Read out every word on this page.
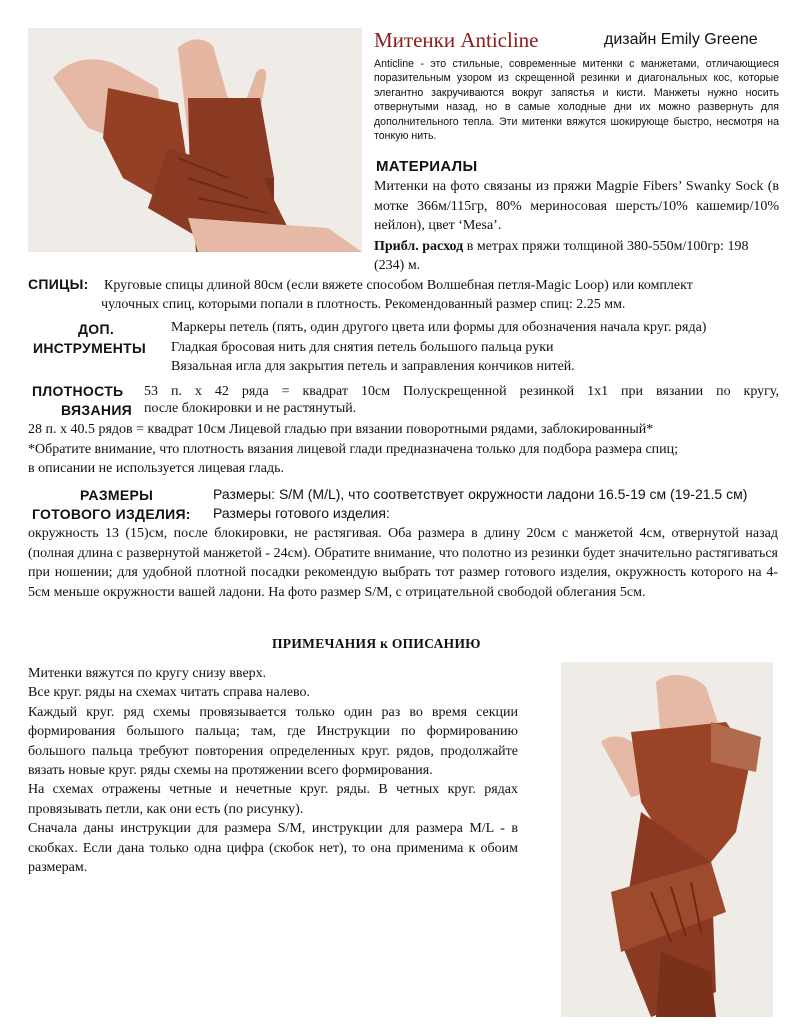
Митенки Anticline	дизайн Emily Greene
Anticline - это стильные, современные митенки с манжетами, отличающиеся поразительным узором из скрещенной резинки и диагональных кос, которые элегантно закручиваются вокруг запястья и кисти. Манжеты нужно носить отвернутыми назад, но в самые холодные дни их можно развернуть для дополнительного тепла. Эти митенки вяжутся шокирующе быстро, несмотря на тонкую нить.
МАТЕРИАЛЫ
Митенки на фото связаны из пряжи Magpie Fibers’ Swanky Sock (в мотке 366м/115гр, 80% мериносовая шерсть/10% кашемир/10% нейлон), цвет ‘Mesa’.
Прибл. расход в метрах пряжи толщиной 380-550м/100гр: 198 (234) м.
СПИЦЫ: Круговые спицы длиной 80см (если вяжете способом Волшебная петля-Magic Loop) или комплект
чулочных спиц, которыми попали в плотность. Рекомендованный размер спиц: 2.25 мм.
ДОП.
ИНСТРУМЕНТЫ
Маркеры петель (пять, один другого цвета или формы для обозначения начала круг. ряда)
Гладкая бросовая нить для снятия петель большого пальца руки
Вязальная игла для закрытия петель и заправления кончиков нитей.
ПЛОТНОСТЬ
ВЯЗАНИЯ
53 п. x 42 ряда = квадрат 10см Полускрещенной резинкой 1x1 при вязании по кругу,
после блокировки и не растянутый.
28 п. x 40.5 рядов = квадрат 10см Лицевой гладью при вязании поворотными рядами, заблокированный*
*Обратите внимание, что плотность вязания лицевой глади предназначена только для подбора размера спиц;
в описании не используется лицевая гладь.
РАЗМЕРЫ
ГОТОВОГО ИЗДЕЛИЯ:
Размеры: S/M (M/L), что соответствует окружности ладони 16.5-19 см (19-21.5 см)
Размеры готового изделия:
окружность 13 (15)см, после блокировки, не растягивая. Оба размера в длину 20см с манжетой 4см, отвернутой назад (полная длина с развернутой манжетой - 24см). Обратите внимание, что полотно из резинки будет значительно растягиваться при ношении; для удобной плотной посадки рекомендую выбрать тот размер готового изделия, окружность которого на 4-5см меньше окружности вашей ладони. На фото размер S/M, с отрицательной свободой облегания 5см.
ПРИМЕЧАНИЯ к ОПИСАНИЮ

Митенки вяжутся по кругу снизу вверх.

Все круг. ряды на схемах читать справа налево.

Каждый круг. ряд схемы провязывается только один раз во время секции формирования большого пальца; там, где Инструкции по формированию большого пальца требуют повторения определенных круг. рядов, продолжайте вязать новые круг. ряды схемы на протяжении всего формирования.

На схемах отражены четные и нечетные круг. ряды. В четных круг. рядах провязывать петли, как они есть (по рисунку).

Сначала даны инструкции для размера S/M, инструкции для размера M/L - в скобках. Если дана только одна цифра (скобок нет), то она применима к обоим размерам.
